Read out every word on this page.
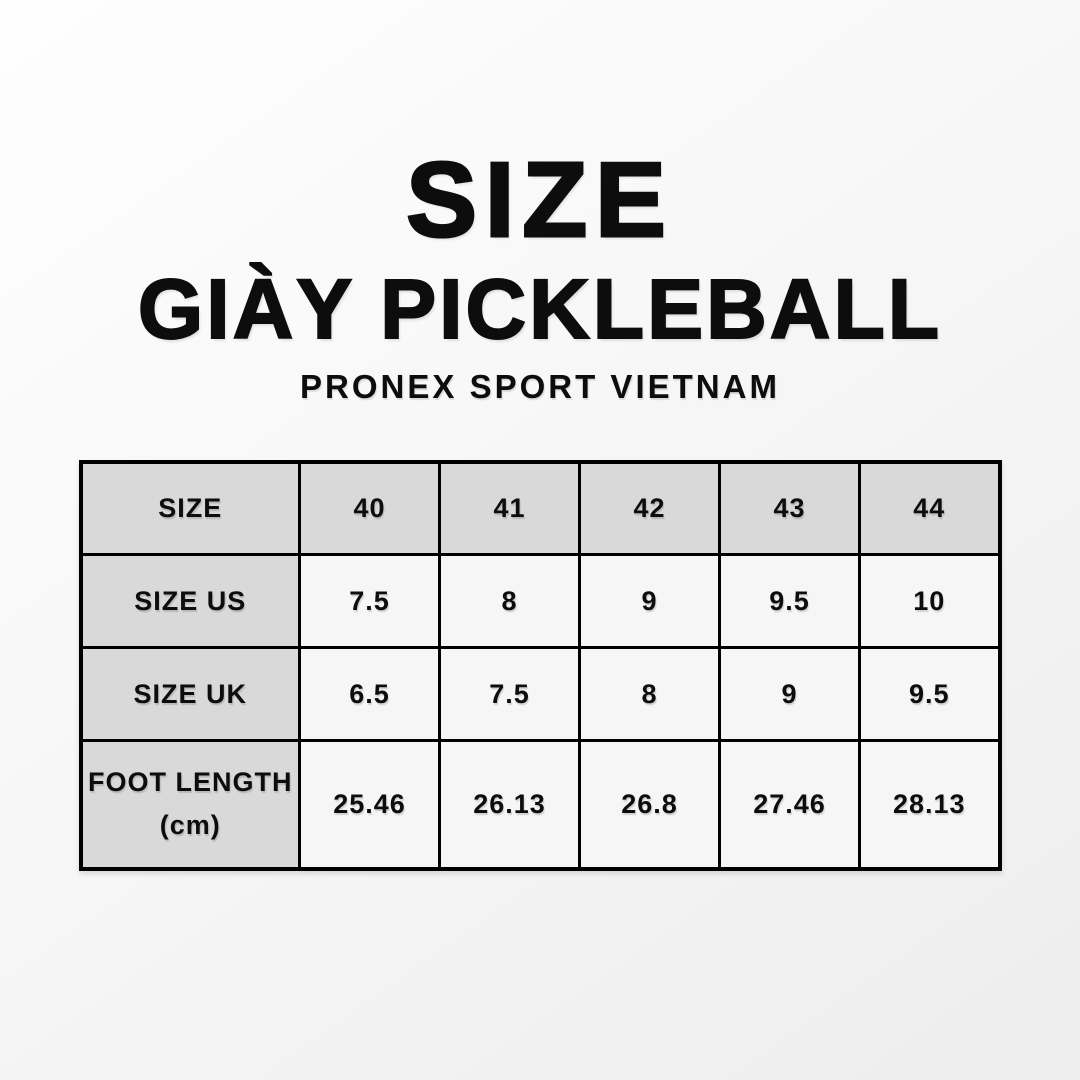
SIZE
GIÀY PICKLEBALL
PRONEX SPORT VIETNAM
SIZE	40	41	42	43	44
SIZE US	7.5	8	9	9.5	10
SIZE UK	6.5	7.5	8	9	9.5

FOOT LENGTH
(cm)	25.46	26.13	26.8	27.46	28.13
